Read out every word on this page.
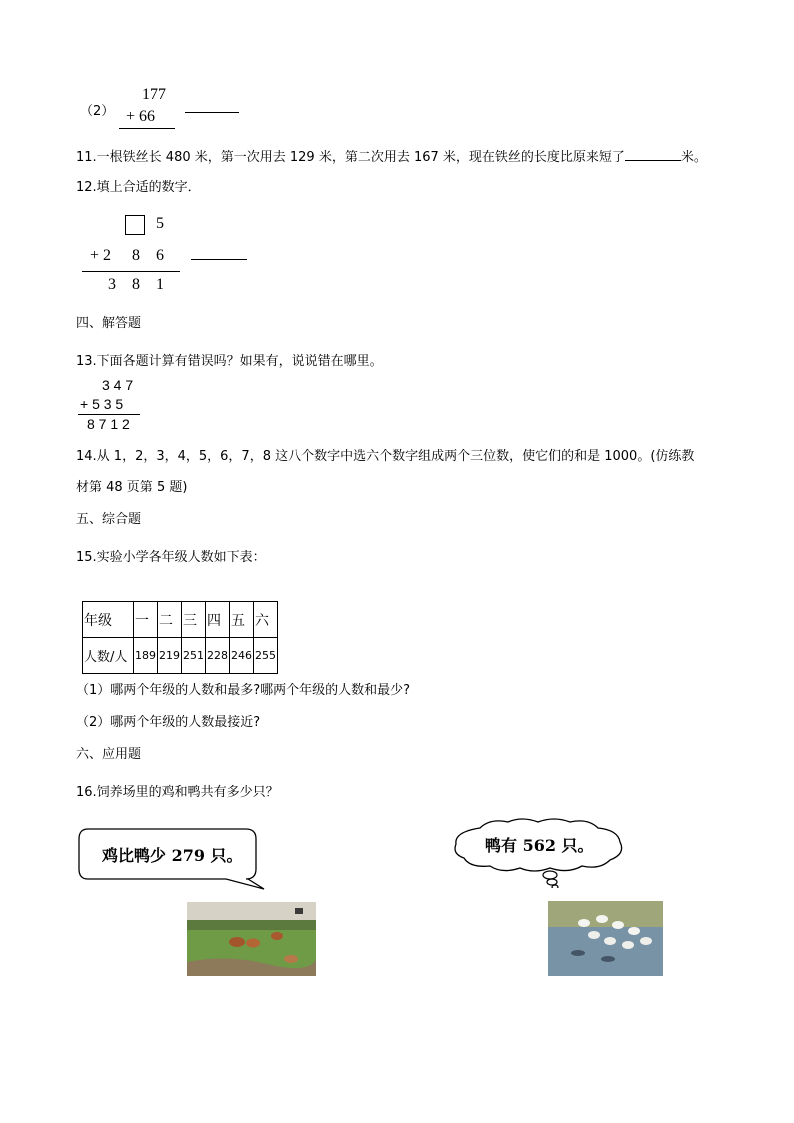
（2）
177
+ 66
11.一根铁丝长 480 米，第一次用去 129 米，第二次用去 167 米，现在铁丝的长度比原来短了	米。
12.填上合适的数字．
5
+ 2 8 6
3 8 1
四、解答题
13.下面各题计算有错误吗？如果有，说说错在哪里。
3 4 7
+ 5 3 5
8 7 1 2
14.从 1，2，3，4，5，6，7，8 这八个数字中选六个数字组成两个三位数，使它们的和是 1000。(仿练教
材第 48 页第 5 题)
五、综合题
15.实验小学各年级人数如下表：
年级	一	二	三	四	五	六
人数/人	189	219	251	228	246	255
（1）哪两个年级的人数和最多?哪两个年级的人数和最少?
（2）哪两个年级的人数最接近?
六、应用题
16.饲养场里的鸡和鸭共有多少只？
鸡比鸭少 279 只。
鸭有 562 只。
